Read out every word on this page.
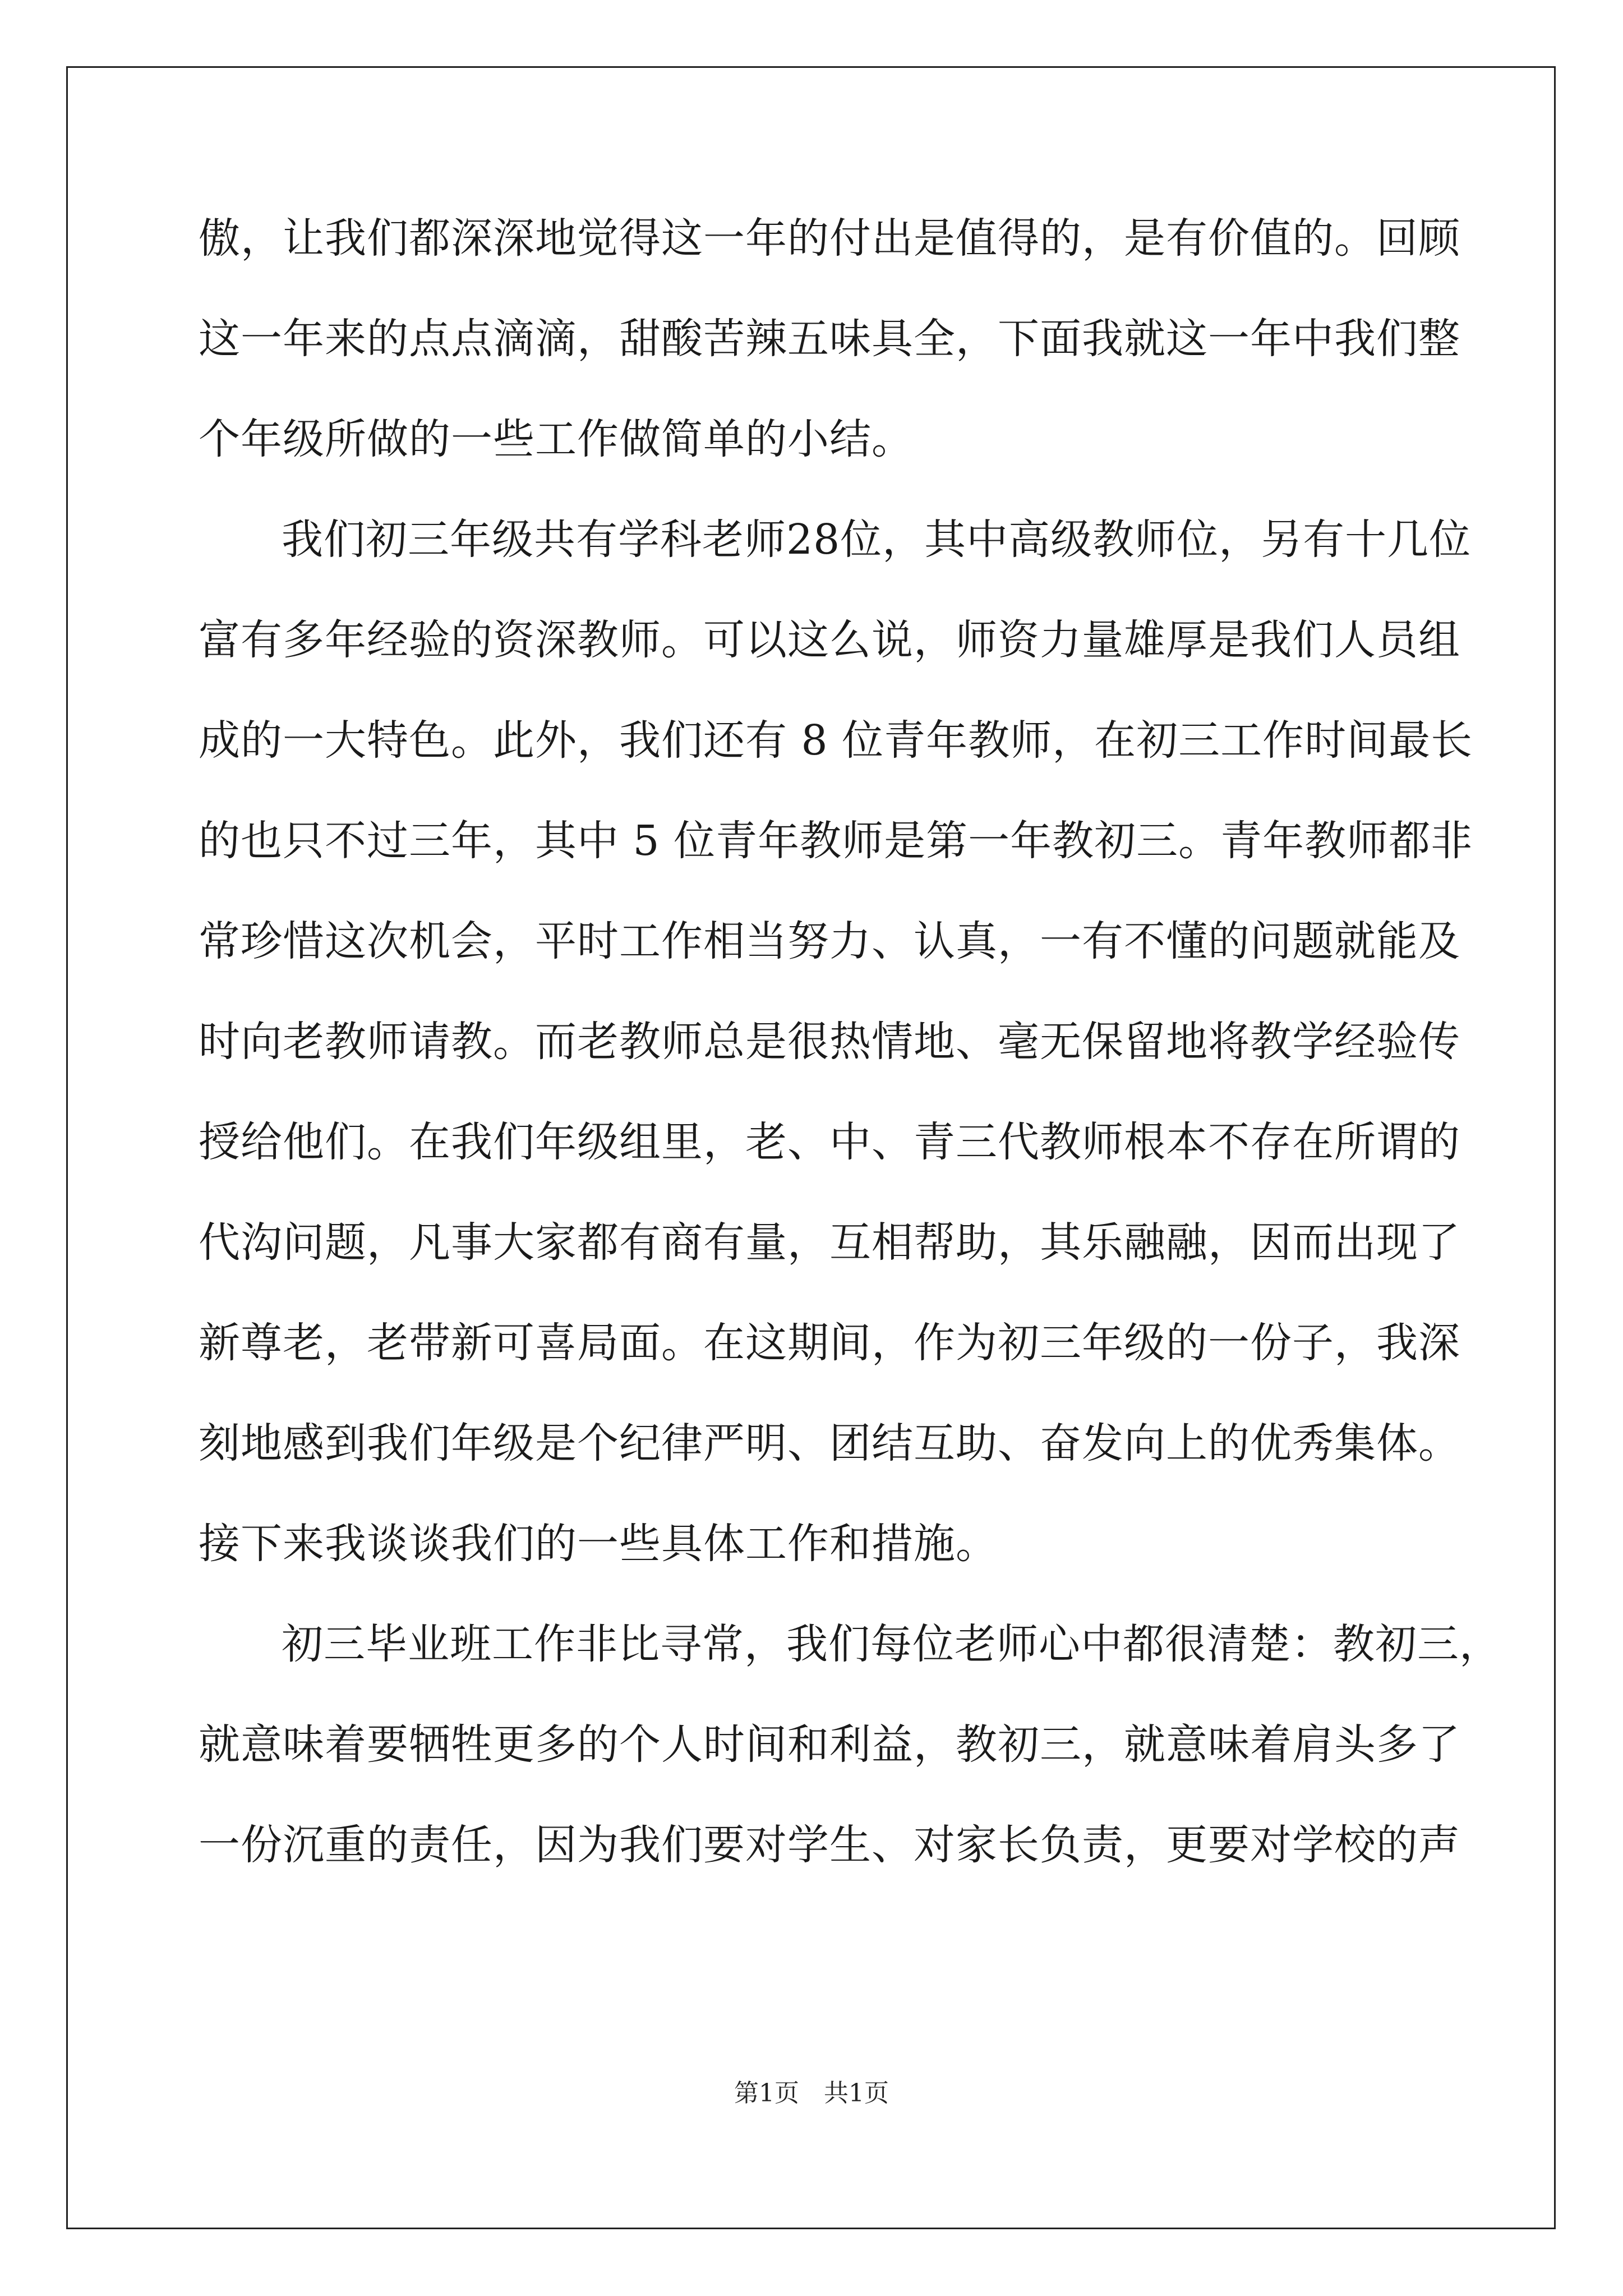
傲，让我们都深深地觉得这一年的付出是值得的，是有价值的。回顾
这一年来的点点滴滴，甜酸苦辣五味具全，下面我就这一年中我们整
个年级所做的一些工作做简单的小结。
我们初三年级共有学科老师28位，其中高级教师位，另有十几位
富有多年经验的资深教师。可以这么说，师资力量雄厚是我们人员组
成的一大特色。此外，我们还有 8 位青年教师，在初三工作时间最长
的也只不过三年，其中 5 位青年教师是第一年教初三。青年教师都非
常珍惜这次机会，平时工作相当努力、认真，一有不懂的问题就能及
时向老教师请教。而老教师总是很热情地、毫无保留地将教学经验传
授给他们。在我们年级组里，老、中、青三代教师根本不存在所谓的
代沟问题，凡事大家都有商有量，互相帮助，其乐融融，因而出现了
新尊老，老带新可喜局面。在这期间，作为初三年级的一份子，我深
刻地感到我们年级是个纪律严明、团结互助、奋发向上的优秀集体。
接下来我谈谈我们的一些具体工作和措施。
初三毕业班工作非比寻常，我们每位老师心中都很清楚：教初三，
就意味着要牺牲更多的个人时间和利益，教初三，就意味着肩头多了
一份沉重的责任，因为我们要对学生、对家长负责，更要对学校的声
第1页　共1页
